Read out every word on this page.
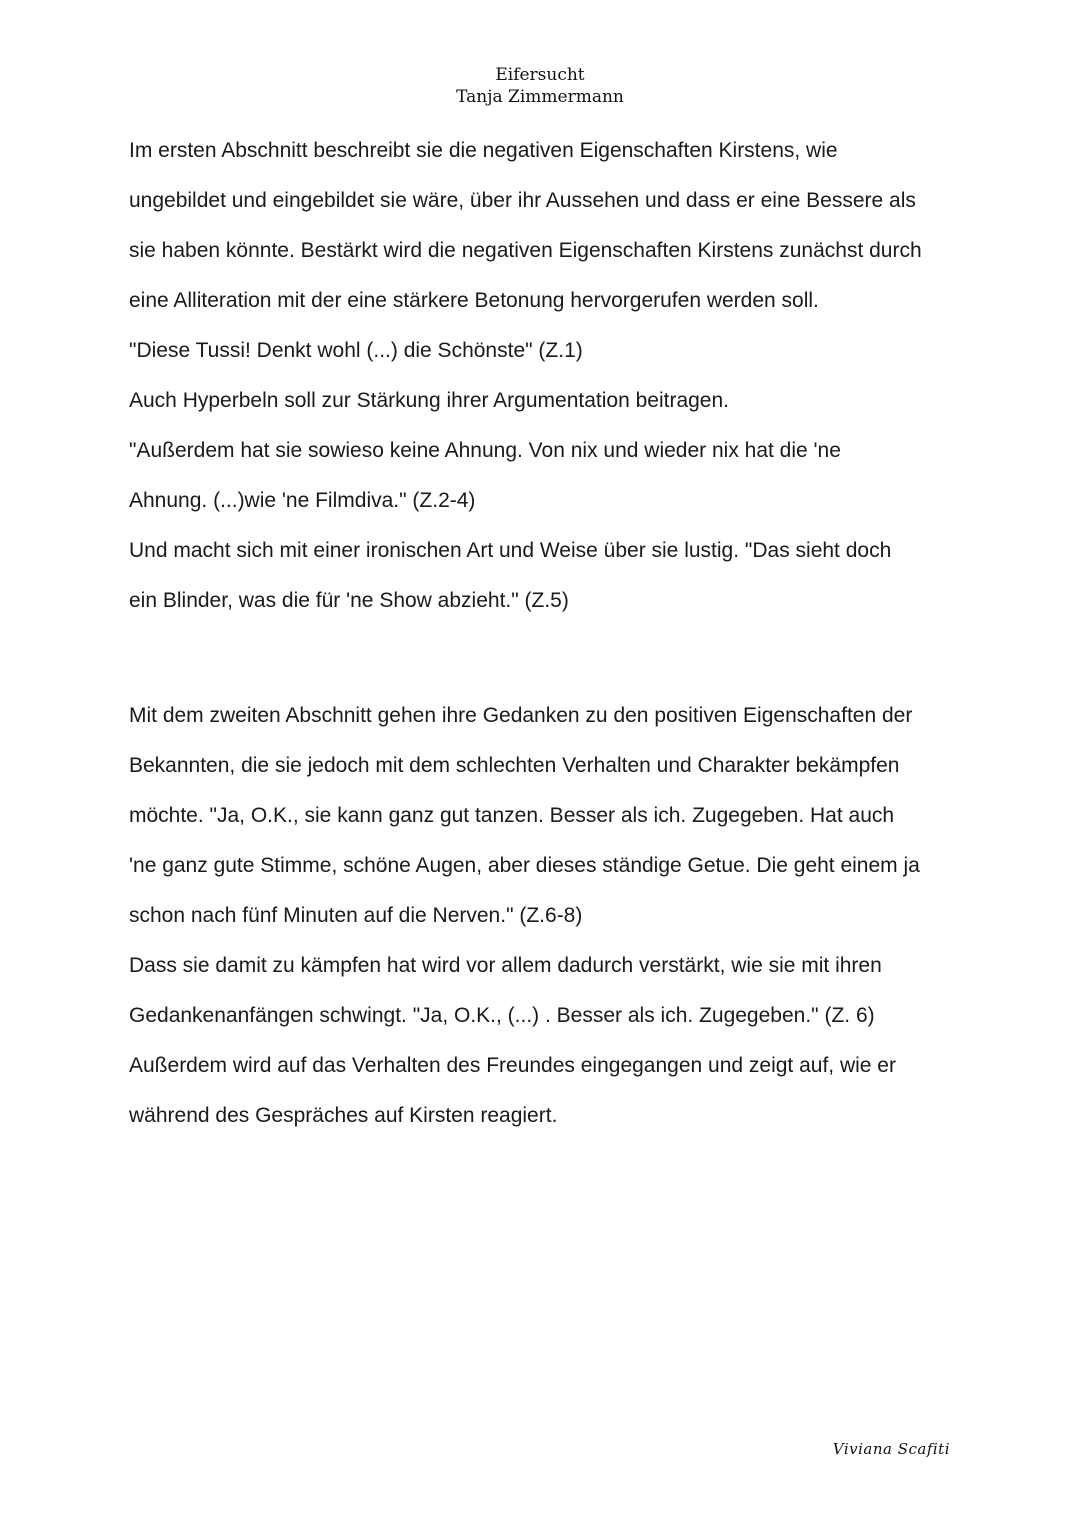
Eifersucht
Tanja Zimmermann
Im ersten Abschnitt beschreibt sie die negativen Eigenschaften Kirstens, wie
ungebildet und eingebildet sie wäre, über ihr Aussehen und dass er eine Bessere als
sie haben könnte. Bestärkt wird die negativen Eigenschaften Kirstens zunächst durch
eine Alliteration mit der eine stärkere Betonung hervorgerufen werden soll.
"Diese Tussi! Denkt wohl (...) die Schönste" (Z.1)
Auch Hyperbeln soll zur Stärkung ihrer Argumentation beitragen.
"Außerdem hat sie sowieso keine Ahnung. Von nix und wieder nix hat die 'ne
Ahnung. (...)wie 'ne Filmdiva." (Z.2-4)
Und macht sich mit einer ironischen Art und Weise über sie lustig. "Das sieht doch
ein Blinder, was die für 'ne Show abzieht." (Z.5)
Mit dem zweiten Abschnitt gehen ihre Gedanken zu den positiven Eigenschaften der
Bekannten, die sie jedoch mit dem schlechten Verhalten und Charakter bekämpfen
möchte. "Ja, O.K., sie kann ganz gut tanzen. Besser als ich. Zugegeben. Hat auch
'ne ganz gute Stimme, schöne Augen, aber dieses ständige Getue. Die geht einem ja
schon nach fünf Minuten auf die Nerven." (Z.6-8)
Dass sie damit zu kämpfen hat wird vor allem dadurch verstärkt, wie sie mit ihren
Gedankenanfängen schwingt. "Ja, O.K., (...) . Besser als ich. Zugegeben." (Z. 6)
Außerdem wird auf das Verhalten des Freundes eingegangen und zeigt auf, wie er
während des Gespräches auf Kirsten reagiert.
Viviana Scafiti
